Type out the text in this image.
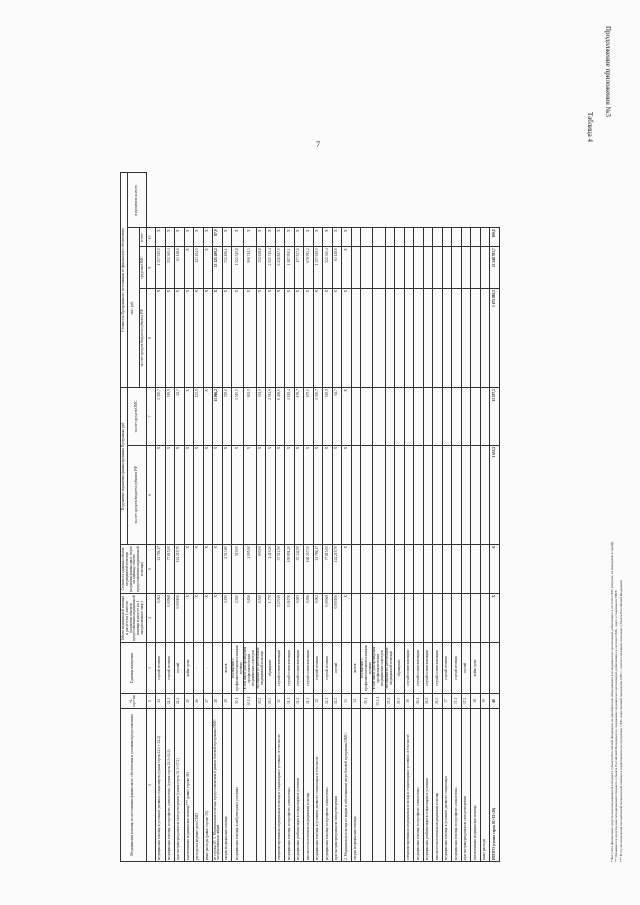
7
Продолжение приложения №3
Таблица 4
Медицинская помощь по источникам финансового обеспечения и условиям предоставления	№ стро-ки	Единица измерения	Объем медицинской помощи в расчете на 1 жителя (норматив объемов предоставления медицинской помощи в расчете на 1 застрахованное лицо)	Стоимость единицы объема медицинской помощи (норматив финансовых затрат на единицу объема предоставления медицинской помощи)	Подушевые нормативы финансирования Программы руб.		Стоимость Программы по источникам ее финансового обеспечения			
					за счет средств бюджета субъекта РФ	за счет средств ОМС	тыс. руб.			в процентах к итогу
							за счет средств бюджета субъекта РФ	средства ОМС	итого	
1	2	3	4	5	6	7	8	9	10	
медицинская помощь в условиях дневных стационаров (сумма строк 24.1 + 24.2)	24	случай лечения	0,062	21 786,17	X	1 350,7	X	1 357 049,0	X	
медицинская помощь по профилю «онкология» (сумма строк 24.1+24.2)	24.1	случай лечения	0,00568	77 815,00	X	519,9	X	552 365,4	X	
при экстракорпоральном оплодотворении (сумма строк 33.3+37.2)	24.2	случай	0,000106	124 219,70	X	62,7	X	63 148,6	X	
паллиативная медицинская помощь*** (равно строке 38)	25	койко-день	X	X	X	X	X	X	X	
расходы на ведение дела СМО	26	-	X	X	X	123,9	X	123 494,5	X	
иные расходы (равно строке 39)	27	-	X	X	X	X	X	X	X	
из строки 20: 1. Медицинская помощь, предоставляемая в рамках базовой программы ОМС застрахованным лицам	28		X	X	X	13 066,2	X	13 125 289,2	87,9	
скорая медицинская помощь	29	вызов	0,290	2 513,80	X	729,0	X	732 496,1	X	
медицинская помощь в амбулаторных условиях	30.1	посещение с профилактическими и иными целями	2,920	519,00	X	1 515,5	X	1 522 545,8	X	
	30.1.1	в том числе для проведения профилактических медицинских осмотров	0,826	1 995,90	X	902,5	X	906 714,3	X	
	30.2	посещение по неотложной медицинской помощи	0,540	650,00	X	351,0	X	352 638,8	X	
	30.3	обращение	1,770	1 419,20	X	2 512,0	X	2 523 712,4	X	
специализированная медицинская помощь в стационарных условиях, в том числе:	31	случай госпитализации	0,17010	37 512,50	X	6 406,0	X	6 436 847,5	X	
медицинская помощь по профилю «онкология»	31.1	случай госпитализации	0,01076	109 891,20	X	1 182,4	X	1 187 950,1	X	
медицинская реабилитация в стационарных условиях	31.2	случай госпитализации	0,005	35 342,50	X	176,7	X	177 537,6	X	
высокотехнологичная медицинская помощь	31.3	случай госпитализации	0,006	168 257,50	X	675,0	X	678 093,2	X	
медицинская помощь в условиях дневного стационара, в том числе:	32	случай лечения	0,062	21 786,17	X	1 350,7	X	1 357 049,0	X	
медицинская помощь по профилю «онкология»	32.1	случай лечения	0,00568	77 815,00	X	519,9	X	522 365,4	X	
при экстракорпоральном оплодотворении	32.2	случай	0,000106	124 219,70	X	62,7	X	63 148,6	X	
2. Медицинская помощь по видам и заболеваниям сверх базовой программы ОМС:	33		X	X	X	X	X	X	X	
скорая медицинская помощь	34	вызов								
	35.1	посещение с профилактическими и иными целями								
	35.1.1	в том числе для проведения профилактических медицинских осмотров								
	35.2	посещение по неотложной медицинской помощи								
	35.3	обращение								
специализированная медицинская помощь в стационарных условиях, в том числе:	36	случай госпитализации								
медицинская помощь по профилю «онкология»	36.1	случай госпитализации								
медицинская реабилитация в стационарных условиях	36.2	случай госпитализации								
высокотехнологичная медицинская помощь	36.3	случай госпитализации								
медицинская помощь в условиях дневного стационара	37	случай лечения								
медицинская помощь по профилю «онкология»	37.1	случай лечения								
при экстракорпоральном оплодотворении	37.2	случай								
паллиативная медицинская помощь	38	койко-день								
иные расходы	39									
ИТОГО (сумма строк 01+15+20)	40		X	X	1 653,5	13 197,1	1 675 885,5	13 248 783,7	100,0	
* Без учета финансовых средств консолидированного бюджета субъекта Российской Федерации на приобретение оборудования для медицинских организаций, работающих в системе ОМС (затраты, не вошедшие в тариф). ** Указываются средства консолидированного бюджета субъекта Российской Федерации на содержание медицинских организаций, работающих в системе ОМС, сверх уставленного ТПГГ. *** В случае включения паллиативной медицинской помощи в территориальную программу ОМС сверх базовой программы ОМС с соответствующим платежом субъекта Российской Федерации
